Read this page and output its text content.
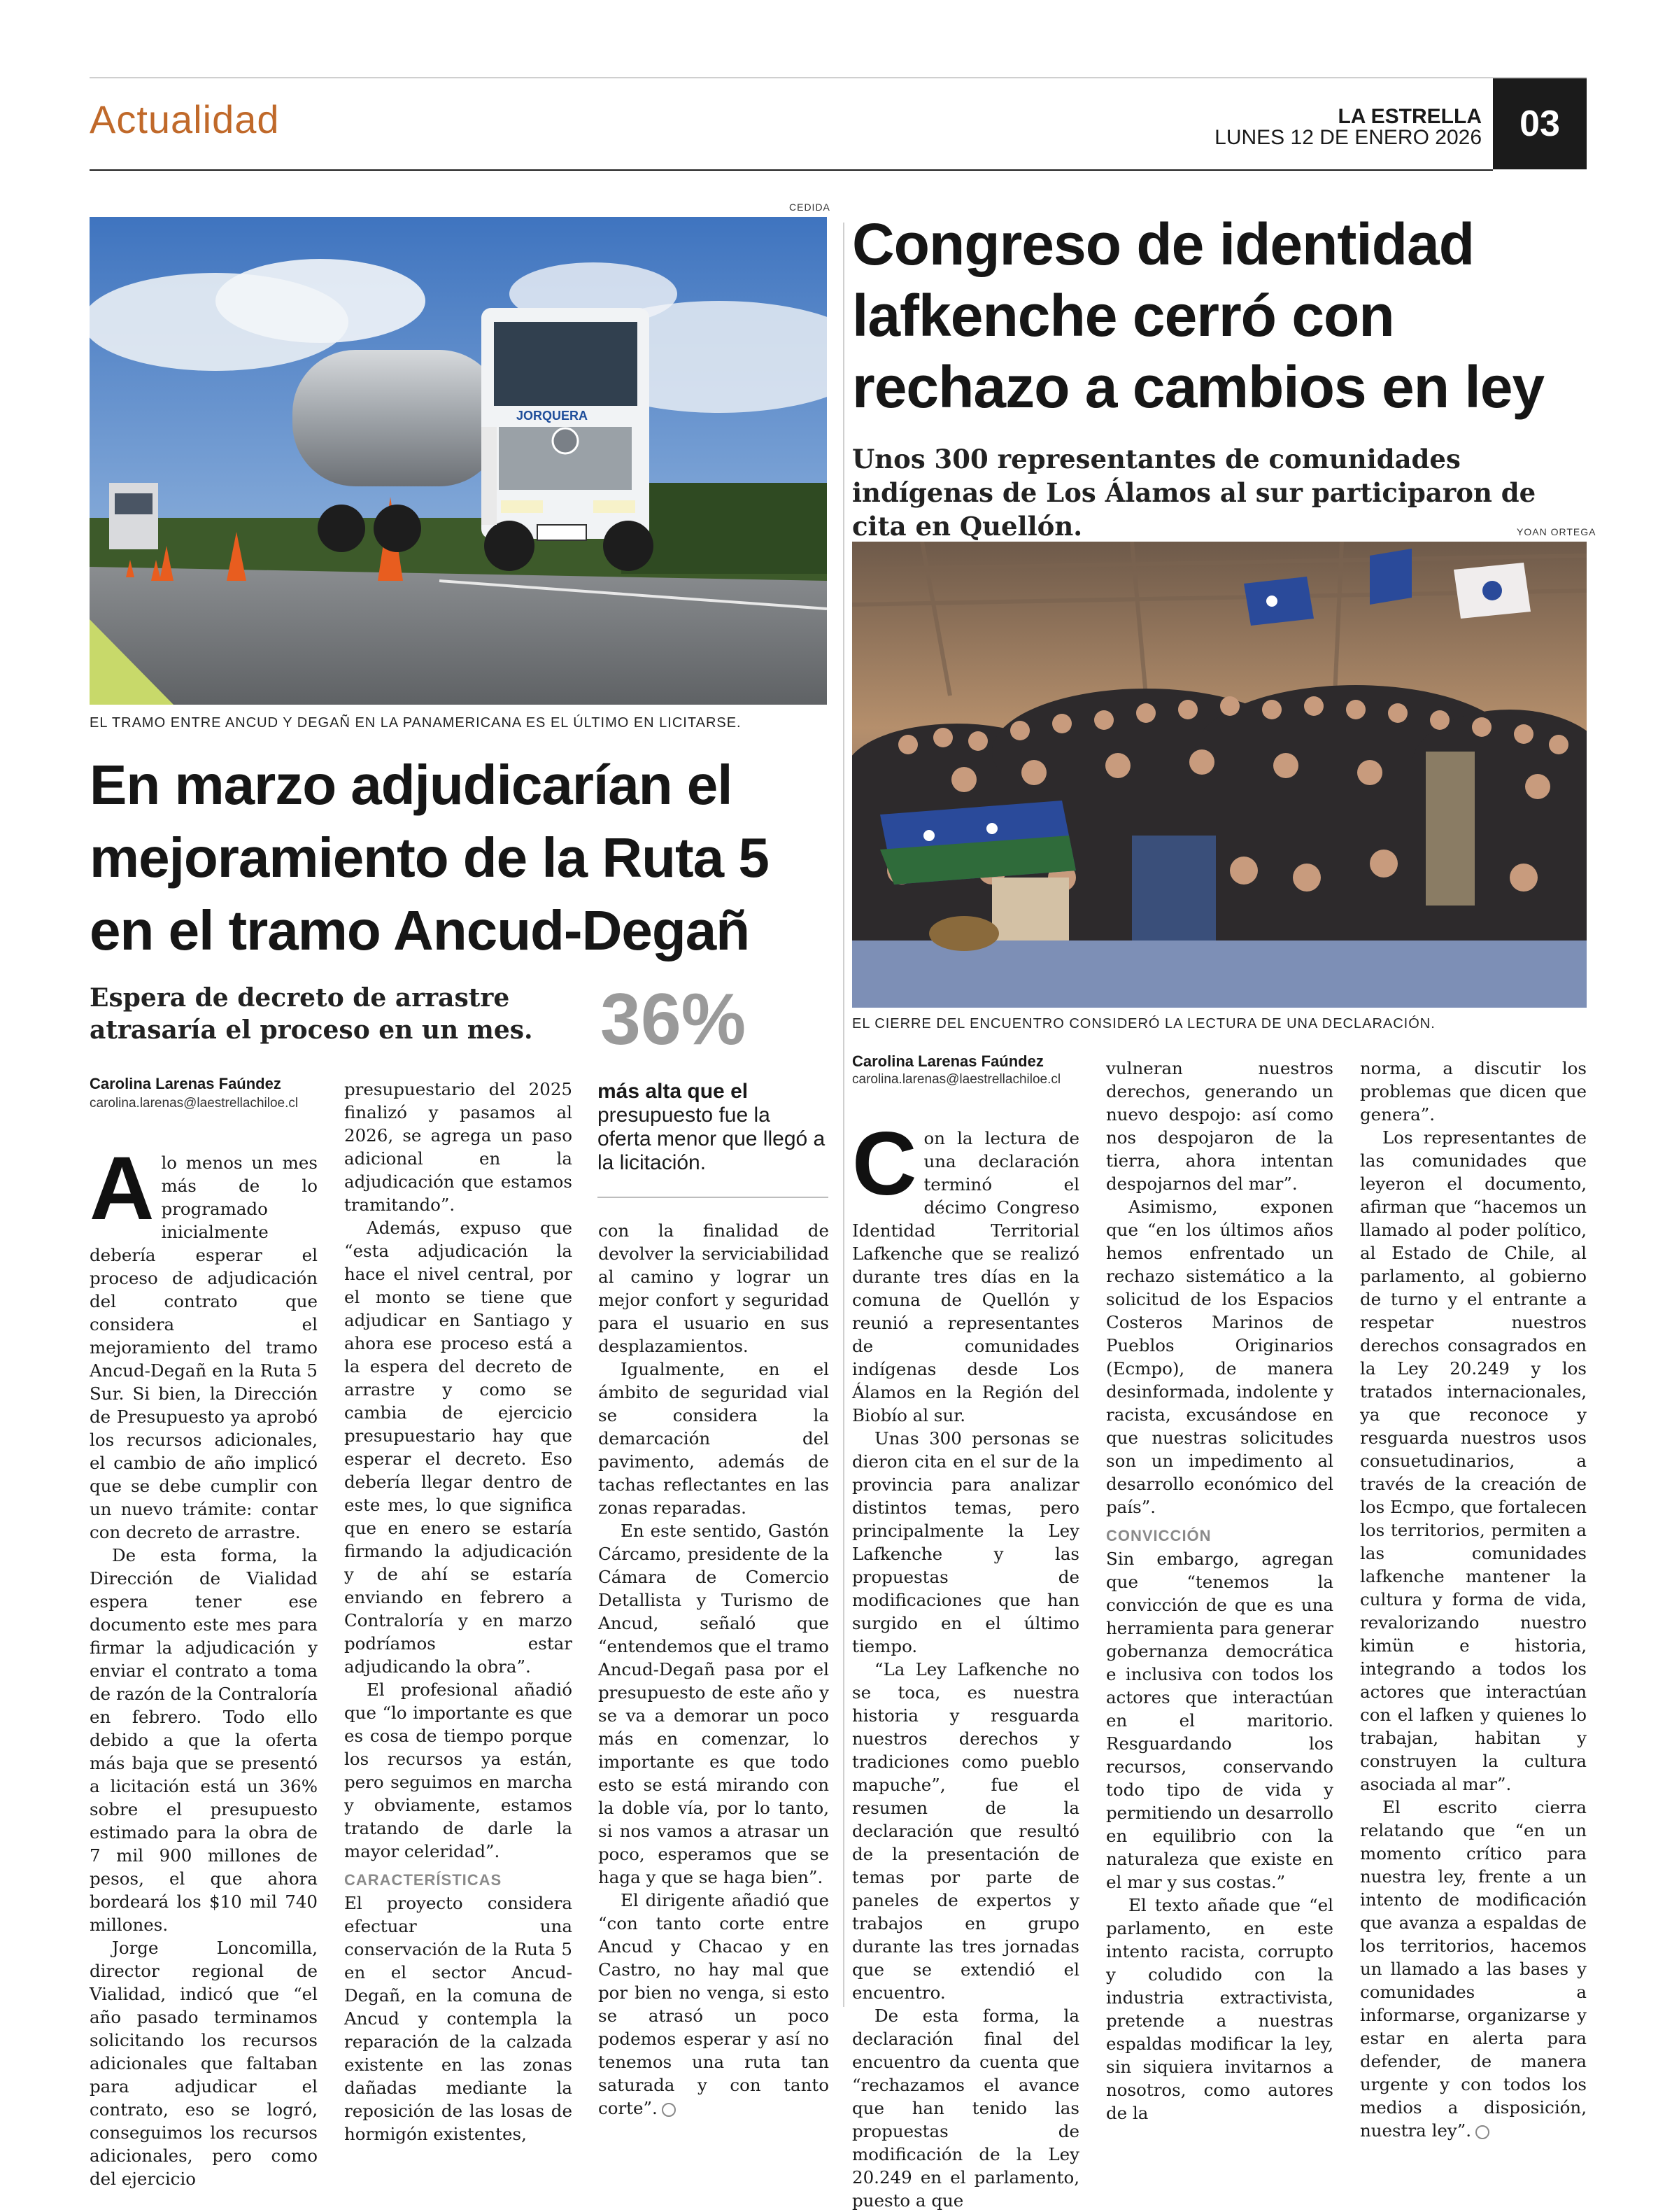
Actualidad	LA ESTRELLA
LUNES 12 DE ENERO 2026	03
CEDIDA
JORQUERA
EL TRAMO ENTRE ANCUD Y DEGAÑ EN LA PANAMERICANA ES EL ÚLTIMO EN LICITARSE.
En marzo adjudicarían el mejoramiento de la Ruta 5 en el tramo Ancud-Degañ
Espera de decreto de arrastre atrasaría el proceso en un mes. 36%
más alta que el
presupuesto fue la oferta menor que llegó a la licitación.
Carolina Larenas Faúndez
carolina.larenas@laestrellachiloe.cl

Alo menos un mes más de lo programado inicialmente debería esperar el proceso de adjudicación del contrato que considera el mejoramiento del tramo Ancud-Degañ en la Ruta 5 Sur. Si bien, la Dirección de Presupuesto ya aprobó los recursos adicionales, el cambio de año implicó que se debe cumplir con un nuevo trámite: contar con decreto de arrastre.

De esta forma, la Dirección de Vialidad espera tener ese documento este mes para firmar la adjudicación y enviar el contrato a toma de razón de la Contraloría en febrero. Todo ello debido a que la oferta más baja que se presentó a licitación está un 36% sobre el presupuesto estimado para la obra de 7 mil 900 millones de pesos, el que ahora bordeará los $10 mil 740 millones.

Jorge Loncomilla, director regional de Vialidad, indicó que “el año pasado terminamos solicitando los recursos adicionales que faltaban para adjudicar el contrato, eso se logró, conseguimos los recursos adicionales, pero como del ejercicio

presupuestario del 2025 finalizó y pasamos al 2026, se agrega un paso adicional en la adjudicación que estamos tramitando”.

Además, expuso que “esta adjudicación la hace el nivel central, por el monto se tiene que adjudicar en Santiago y ahora ese proceso está a la espera del decreto de arrastre y como se cambia de ejercicio presupuestario hay que esperar el decreto. Eso debería llegar dentro de este mes, lo que significa que en enero se estaría firmando la adjudicación y de ahí se estaría enviando en febrero a Contraloría y en marzo podríamos estar adjudicando la obra”.

El profesional añadió que “lo importante es que es cosa de tiempo porque los recursos ya están, pero seguimos en marcha y obviamente, estamos tratando de darle la mayor celeridad”.

CARACTERÍSTICAS

El proyecto considera efectuar una conservación de la Ruta 5 en el sector Ancud-Degañ, en la comuna de Ancud y contempla la reparación de la calzada existente en las zonas dañadas mediante la reposición de las losas de hormigón existentes,

con la finalidad de devolver la serviciabilidad al camino y lograr un mejor confort y seguridad para el usuario en sus desplazamientos.

Igualmente, en el ámbito de seguridad vial se considera la demarcación del pavimento, además de tachas reflectantes en las zonas reparadas.

En este sentido, Gastón Cárcamo, presidente de la Cámara de Comercio Detallista y Turismo de Ancud, señaló que “entendemos que el tramo Ancud-Degañ pasa por el presupuesto de este año y se va a demorar un poco más en comenzar, lo importante es que todo esto se está mirando con la doble vía, por lo tanto, si nos vamos a atrasar un poco, esperamos que se haga y que se haga bien”.

El dirigente añadió que “con tanto corte entre Ancud y Chacao y en Castro, no hay mal que por bien no venga, si esto se atrasó un poco podemos esperar y así no tenemos una ruta tan saturada y con tanto corte”.

Congreso de identidad lafkenche cerró con rechazo a cambios en ley
Unos 300 representantes de comunidades indígenas de Los Álamos al sur participaron de cita en Quellón.	YOAN ORTEGA
EL CIERRE DEL ENCUENTRO CONSIDERÓ LA LECTURA DE UNA DECLARACIÓN.
Carolina Larenas Faúndez
carolina.larenas@laestrellachiloe.cl

Con la lectura de una declaración terminó el décimo Congreso Identidad Territorial Lafkenche que se realizó durante tres días en la comuna de Quellón y reunió a representantes de comunidades indígenas desde Los Álamos en la Región del Biobío al sur.

Unas 300 personas se dieron cita en el sur de la provincia para analizar distintos temas, pero principalmente la Ley Lafkenche y las propuestas de modificaciones que han surgido en el último tiempo.

“La Ley Lafkenche no se toca, es nuestra historia y resguarda nuestros derechos y tradiciones como pueblo mapuche”, fue el resumen de la declaración que resultó de la presentación de temas por parte de paneles de expertos y trabajos en grupo durante las tres jornadas que se extendió el encuentro.

De esta forma, la declaración final del encuentro da cuenta que “rechazamos el avance que han tenido las propuestas de modificación de la Ley 20.249 en el parlamento, puesto a que

vulneran nuestros derechos, generando un nuevo despojo: así como nos despojaron de la tierra, ahora intentan despojarnos del mar”.

Asimismo, exponen que “en los últimos años hemos enfrentado un rechazo sistemático a la solicitud de los Espacios Costeros Marinos de Pueblos Originarios (Ecmpo), de manera desinformada, indolente y racista, excusándose en que nuestras solicitudes son un impedimento al desarrollo económico del país”.

CONVICCIÓN

Sin embargo, agregan que “tenemos la convicción de que es una herramienta para generar gobernanza democrática e inclusiva con todos los actores que interactúan en el maritorio. Resguardando los recursos, conservando todo tipo de vida y permitiendo un desarrollo en equilibrio con la naturaleza que existe en el mar y sus costas.”

El texto añade que “el parlamento, en este intento racista, corrupto y coludido con la industria extractivista, pretende a nuestras espaldas modificar la ley, sin siquiera invitarnos a nosotros, como autores de la

norma, a discutir los problemas que dicen que genera”.

Los representantes de las comunidades que leyeron el documento, afirman que “hacemos un llamado al poder político, al Estado de Chile, al parlamento, al gobierno de turno y el entrante a respetar nuestros derechos consagrados en la Ley 20.249 y los tratados internacionales, ya que reconoce y resguarda nuestros usos consuetudinarios, a través de la creación de los Ecmpo, que fortalecen los territorios, permiten a las comunidades lafkenche mantener la cultura y forma de vida, revalorizando nuestro kimün e historia, integrando a todos los actores que interactúan con el lafken y quienes lo trabajan, habitan y construyen la cultura asociada al mar”.

El escrito cierra relatando que “en un momento crítico para nuestra ley, frente a un intento de modificación que avanza a espaldas de los territorios, hacemos un llamado a las bases y comunidades a informarse, organizarse y estar en alerta para defender, de manera urgente y con todos los medios a disposición, nuestra ley”.
